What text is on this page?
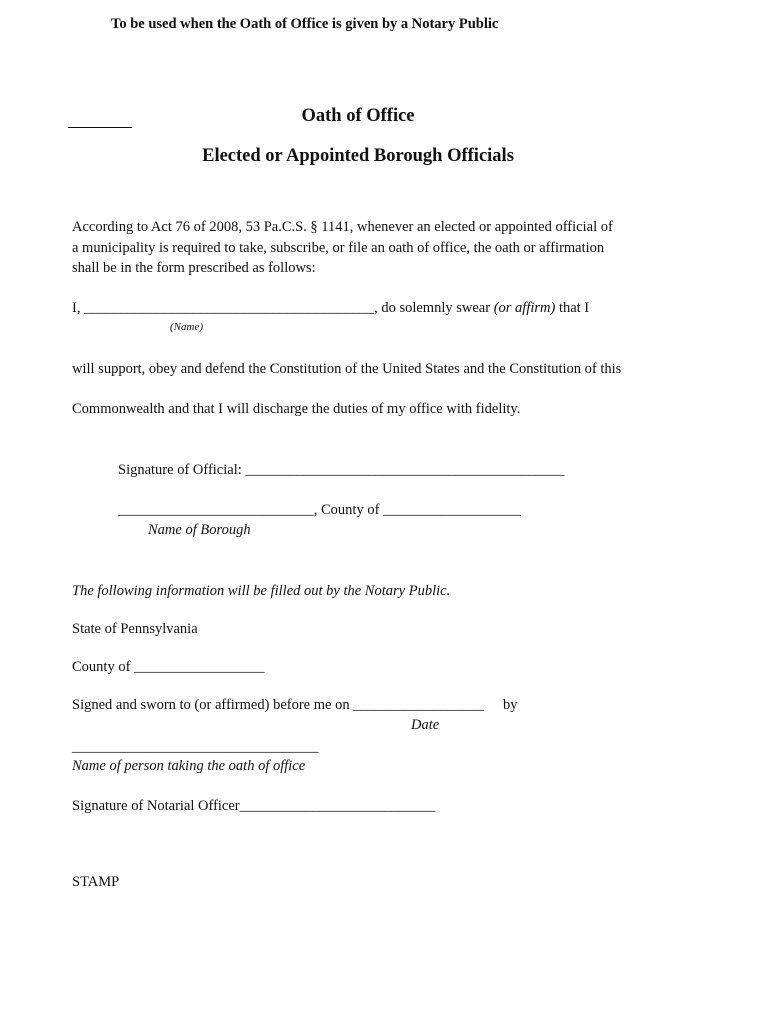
To be used when the Oath of Office is given by a Notary Public
Oath of Office
Elected or Appointed Borough Officials
According to Act 76 of 2008, 53 Pa.C.S. § 1141, whenever an elected or appointed official of
a municipality is required to take, subscribe, or file an oath of office, the oath or affirmation
shall be in the form prescribed as follows:
I, ________________________________________, do solemnly swear (or affirm) that I
(Name)
will support, obey and defend the Constitution of the United States and the Constitution of this
Commonwealth and that I will discharge the duties of my office with fidelity.
Signature of Official: ____________________________________________
___________________________, County of ___________________
Name of Borough
The following information will be filled out by the Notary Public.
State of Pennsylvania
County of __________________
Signed and sworn to (or affirmed) before me on __________________ by
Date
__________________________________
Name of person taking the oath of office
Signature of Notarial Officer___________________________
STAMP
